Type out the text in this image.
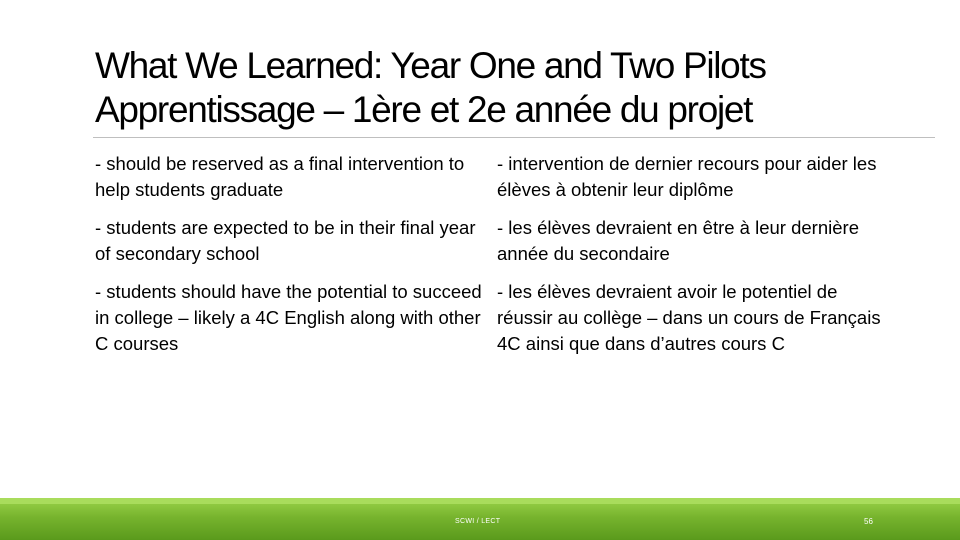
What We Learned: Year One and Two Pilots
Apprentissage – 1ère et 2e année du projet

- should be reserved as a final intervention to help students graduate

- students are expected to be in their final year of secondary school

- students should have the potential to succeed in college – likely a 4C English along with other C courses

- intervention de dernier recours pour aider les élèves à obtenir leur diplôme

- les élèves devraient en être à leur dernière année du secondaire

- les élèves devraient avoir le potentiel de réussir au collège – dans un cours de Français 4C ainsi que dans d’autres cours C

SCWI / LECT	56
